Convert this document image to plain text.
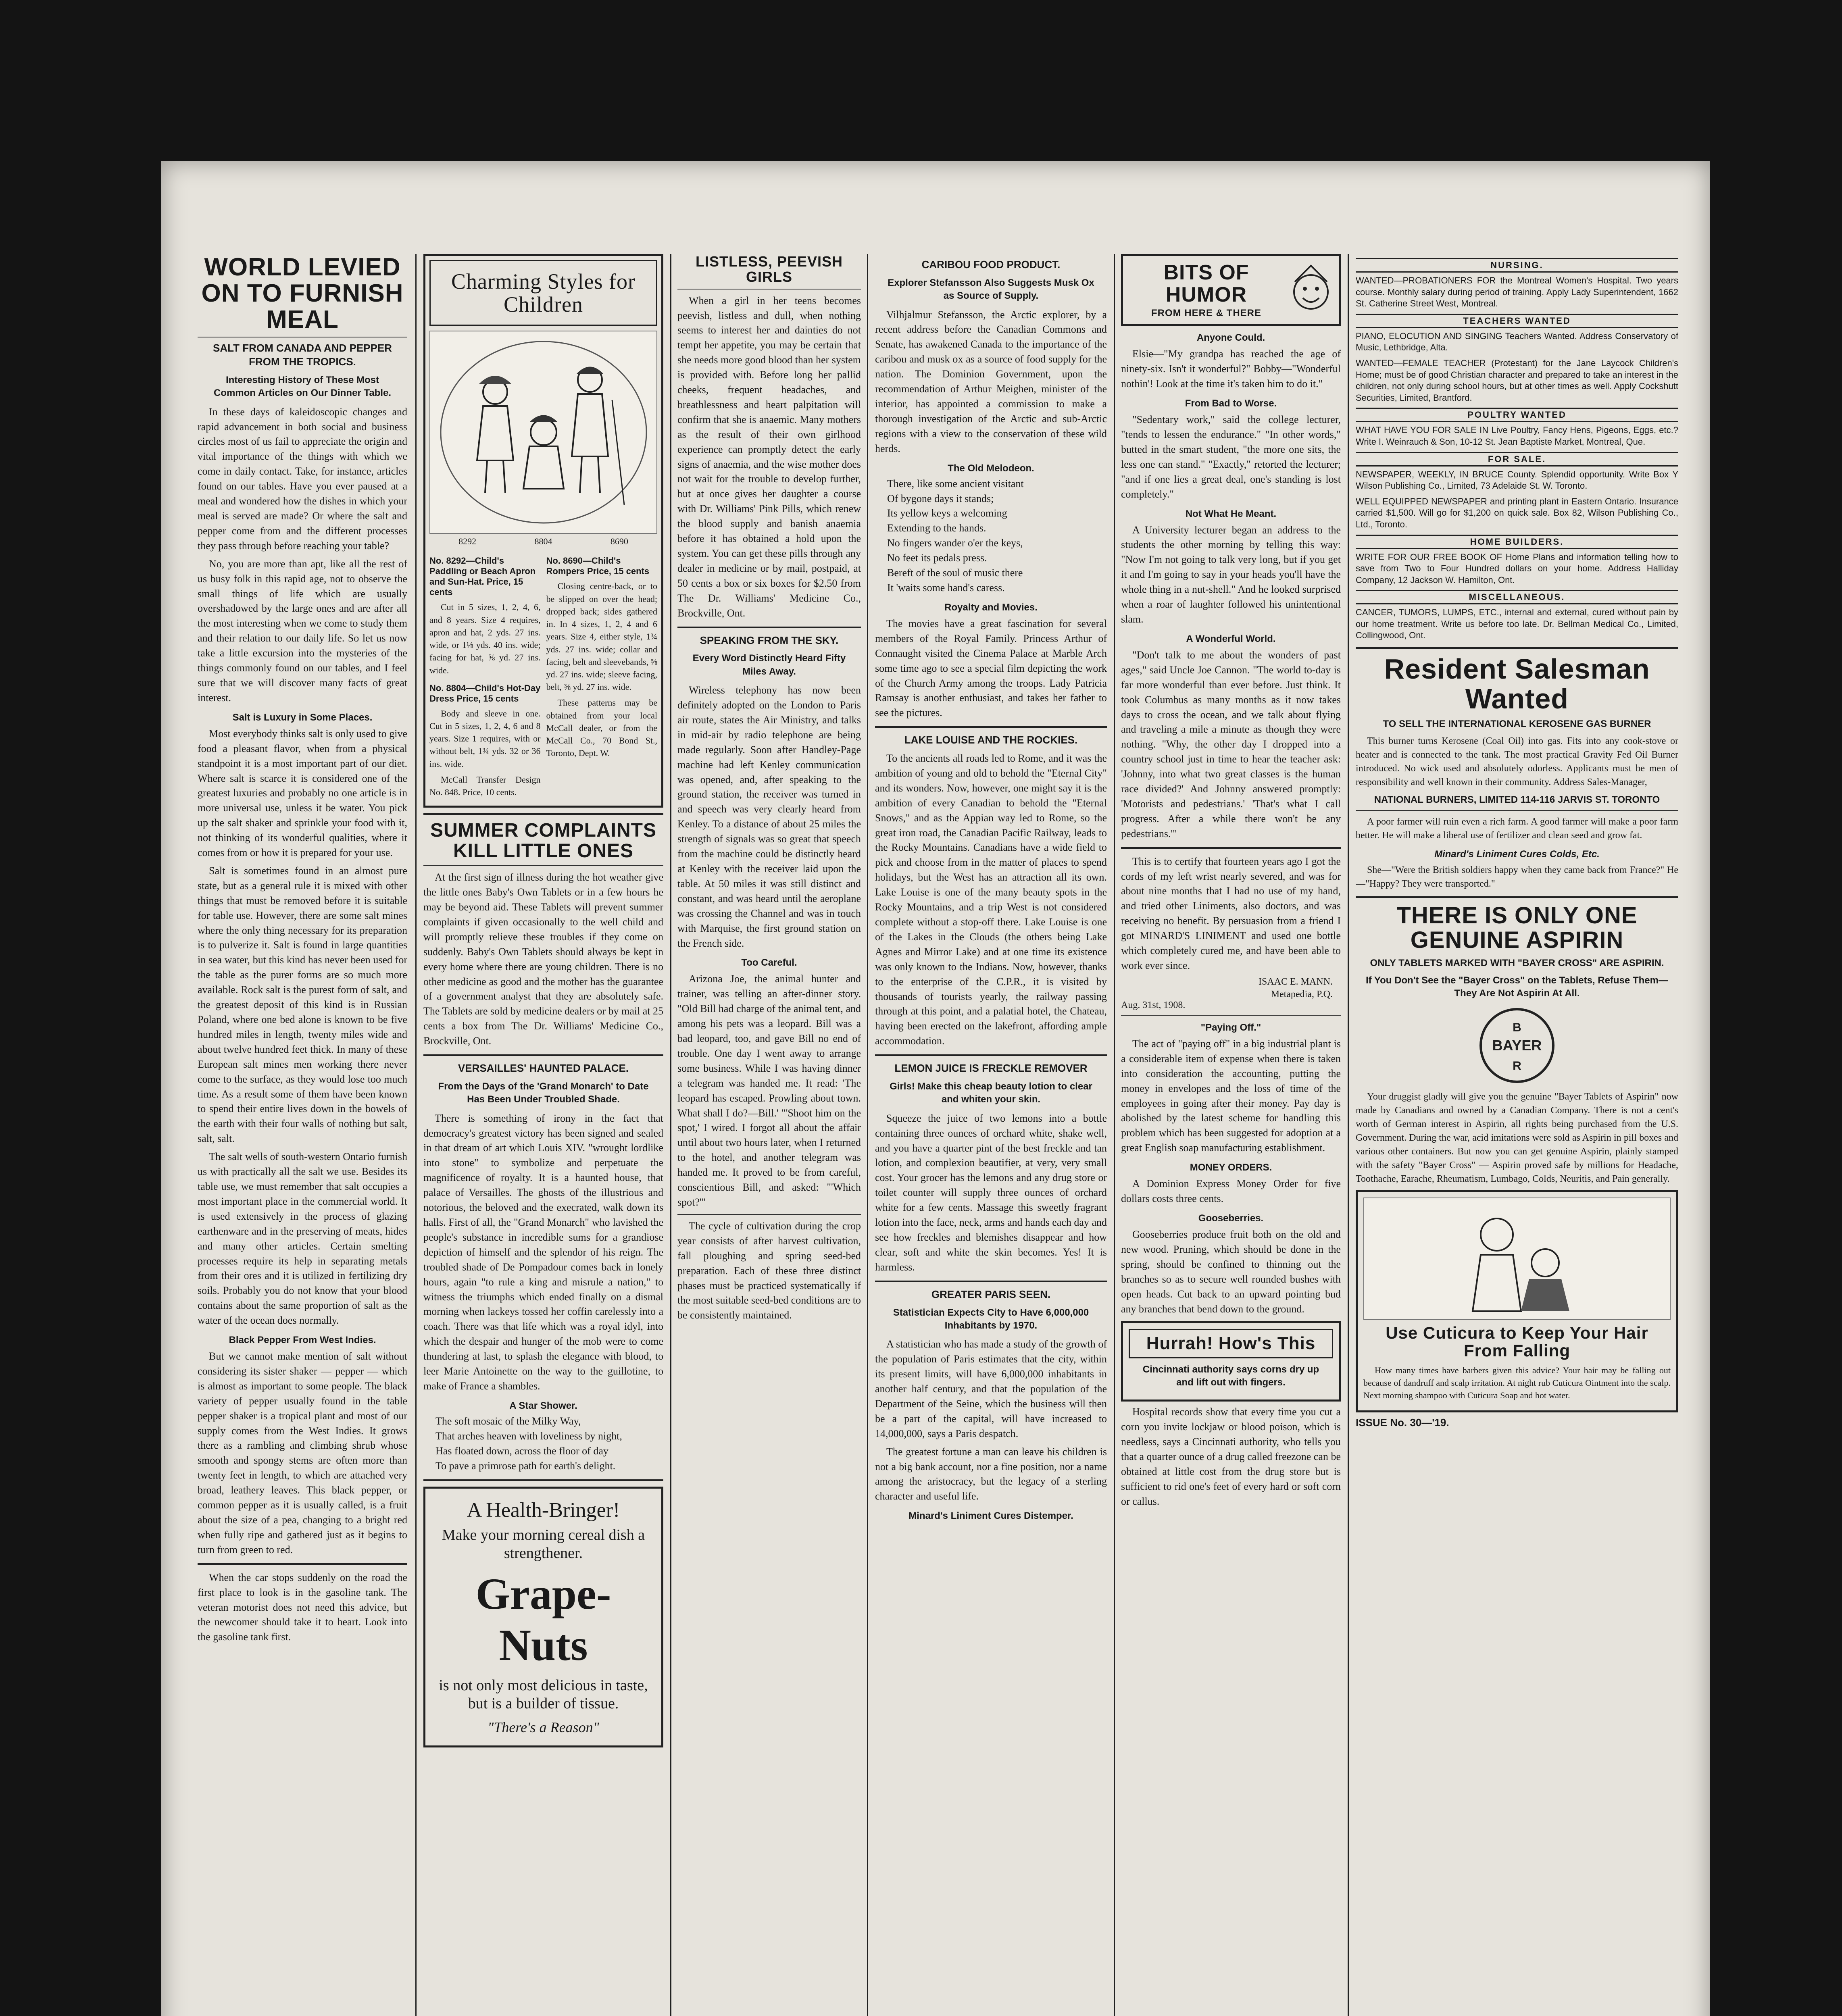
WORLD LEVIED ON TO FURNISH MEAL
SALT FROM CANADA AND PEPPER FROM THE TROPICS.
Interesting History of These Most Common Articles on Our Dinner Table.

In these days of kaleidoscopic changes and rapid advancement in both social and business circles most of us fail to appreciate the origin and vital importance of the things with which we come in daily contact. Take, for instance, articles found on our tables. Have you ever paused at a meal and wondered how the dishes in which your meal is served are made? Or where the salt and pepper come from and the different processes they pass through before reaching your table?

No, you are more than apt, like all the rest of us busy folk in this rapid age, not to observe the small things of life which are usually overshadowed by the large ones and are after all the most interesting when we come to study them and their relation to our daily life. So let us now take a little excursion into the mysteries of the things commonly found on our tables, and I feel sure that we will discover many facts of great interest.

Salt is Luxury in Some Places.

Most everybody thinks salt is only used to give food a pleasant flavor, when from a physical standpoint it is a most important part of our diet. Where salt is scarce it is considered one of the greatest luxuries and probably no one article is in more universal use, unless it be water. You pick up the salt shaker and sprinkle your food with it, not thinking of its wonderful qualities, where it comes from or how it is prepared for your use.

Salt is sometimes found in an almost pure state, but as a general rule it is mixed with other things that must be removed before it is suitable for table use. However, there are some salt mines where the only thing necessary for its preparation is to pulverize it. Salt is found in large quantities in sea water, but this kind has never been used for the table as the purer forms are so much more available. Rock salt is the purest form of salt, and the greatest deposit of this kind is in Russian Poland, where one bed alone is known to be five hundred miles in length, twenty miles wide and about twelve hundred feet thick. In many of these European salt mines men working there never come to the surface, as they would lose too much time. As a result some of them have been known to spend their entire lives down in the bowels of the earth with their four walls of nothing but salt, salt, salt.

The salt wells of south-western Ontario furnish us with practically all the salt we use. Besides its table use, we must remember that salt occupies a most important place in the commercial world. It is used extensively in the process of glazing earthenware and in the preserving of meats, hides and many other articles. Certain smelting processes require its help in separating metals from their ores and it is utilized in fertilizing dry soils. Probably you do not know that your blood contains about the same proportion of salt as the water of the ocean does normally.

Black Pepper From West Indies.

But we cannot make mention of salt without considering its sister shaker — pepper — which is almost as important to some people. The black variety of pepper usually found in the table pepper shaker is a tropical plant and most of our supply comes from the West Indies. It grows there as a rambling and climbing shrub whose smooth and spongy stems are often more than twenty feet in length, to which are attached very broad, leathery leaves. This black pepper, or common pepper as it is usually called, is a fruit about the size of a pea, changing to a bright red when fully ripe and gathered just as it begins to turn from green to red.

When the car stops suddenly on the road the first place to look is in the gasoline tank. The veteran motorist does not need this advice, but the newcomer should take it to heart. Look into the gasoline tank first.

Charming Styles for Children
8292	8804	8690
No. 8292—Child's Paddling or Beach Apron and Sun-Hat. Price, 15 cents

Cut in 5 sizes, 1, 2, 4, 6, and 8 years. Size 4 requires, apron and hat, 2 yds. 27 ins. wide, or 1⅛ yds. 40 ins. wide; facing for hat, ⅝ yd. 27 ins. wide.

No. 8804—Child's Hot-Day Dress Price, 15 cents

Body and sleeve in one. Cut in 5 sizes, 1, 2, 4, 6 and 8 years. Size 1 requires, with or without belt, 1¾ yds. 32 or 36 ins. wide.

McCall Transfer Design No. 848. Price, 10 cents.

No. 8690—Child's Rompers Price, 15 cents

Closing centre-back, or to be slipped on over the head; dropped back; sides gathered in. In 4 sizes, 1, 2, 4 and 6 years. Size 4, either style, 1¾ yds. 27 ins. wide; collar and facing, belt and sleevebands, ⅝ yd. 27 ins. wide; sleeve facing, belt, ⅜ yd. 27 ins. wide.

These patterns may be obtained from your local McCall dealer, or from the McCall Co., 70 Bond St., Toronto, Dept. W.

SUMMER COMPLAINTS KILL LITTLE ONES

At the first sign of illness during the hot weather give the little ones Baby's Own Tablets or in a few hours he may be beyond aid. These Tablets will prevent summer complaints if given occasionally to the well child and will promptly relieve these troubles if they come on suddenly. Baby's Own Tablets should always be kept in every home where there are young children. There is no other medicine as good and the mother has the guarantee of a government analyst that they are absolutely safe. The Tablets are sold by medicine dealers or by mail at 25 cents a box from The Dr. Williams' Medicine Co., Brockville, Ont.

VERSAILLES' HAUNTED PALACE.
From the Days of the 'Grand Monarch' to Date Has Been Under Troubled Shade.

There is something of irony in the fact that democracy's greatest victory has been signed and sealed in that dream of art which Louis XIV. "wrought lordlike into stone" to symbolize and perpetuate the magnificence of royalty. It is a haunted house, that palace of Versailles. The ghosts of the illustrious and notorious, the beloved and the execrated, walk down its halls. First of all, the "Grand Monarch" who lavished the people's substance in incredible sums for a grandiose depiction of himself and the splendor of his reign. The troubled shade of De Pompadour comes back in lonely hours, again "to rule a king and misrule a nation," to witness the triumphs which ended finally on a dismal morning when lackeys tossed her coffin carelessly into a coach. There was that life which was a royal idyl, into which the despair and hunger of the mob were to come thundering at last, to splash the elegance with blood, to leer Marie Antoinette on the way to the guillotine, to make of France a shambles.

A Star Shower.
The soft mosaic of the Milky Way,
That arches heaven with loveliness by night,
Has floated down, across the floor of day
To pave a primrose path for earth's delight.
A Health-Bringer!
Make your morning cereal dish a strengthener.
Grape-Nuts
is not only most delicious in taste, but is a builder of tissue.
"There's a Reason"
LISTLESS, PEEVISH GIRLS

When a girl in her teens becomes peevish, listless and dull, when nothing seems to interest her and dainties do not tempt her appetite, you may be certain that she needs more good blood than her system is provided with. Before long her pallid cheeks, frequent headaches, and breathlessness and heart palpitation will confirm that she is anaemic. Many mothers as the result of their own girlhood experience can promptly detect the early signs of anaemia, and the wise mother does not wait for the trouble to develop further, but at once gives her daughter a course with Dr. Williams' Pink Pills, which renew the blood supply and banish anaemia before it has obtained a hold upon the system. You can get these pills through any dealer in medicine or by mail, postpaid, at 50 cents a box or six boxes for $2.50 from The Dr. Williams' Medicine Co., Brockville, Ont.

SPEAKING FROM THE SKY.
Every Word Distinctly Heard Fifty Miles Away.

Wireless telephony has now been definitely adopted on the London to Paris air route, states the Air Ministry, and talks in mid-air by radio telephone are being made regularly. Soon after Handley-Page machine had left Kenley communication was opened, and, after speaking to the ground station, the receiver was turned in and speech was very clearly heard from Kenley. To a distance of about 25 miles the strength of signals was so great that speech from the machine could be distinctly heard at Kenley with the receiver laid upon the table. At 50 miles it was still distinct and constant, and was heard until the aeroplane was crossing the Channel and was in touch with Marquise, the first ground station on the French side.

Too Careful.

Arizona Joe, the animal hunter and trainer, was telling an after-dinner story. "Old Bill had charge of the animal tent, and among his pets was a leopard. Bill was a bad leopard, too, and gave Bill no end of trouble. One day I went away to arrange some business. While I was having dinner a telegram was handed me. It read: 'The leopard has escaped. Prowling about town. What shall I do?—Bill.' "'Shoot him on the spot,' I wired. I forgot all about the affair until about two hours later, when I returned to the hotel, and another telegram was handed me. It proved to be from careful, conscientious Bill, and asked: "'Which spot?'"

The cycle of cultivation during the crop year consists of after harvest cultivation, fall ploughing and spring seed-bed preparation. Each of these three distinct phases must be practiced systematically if the most suitable seed-bed conditions are to be consistently maintained.

CARIBOU FOOD PRODUCT.
Explorer Stefansson Also Suggests Musk Ox as Source of Supply.

Vilhjalmur Stefansson, the Arctic explorer, by a recent address before the Canadian Commons and Senate, has awakened Canada to the importance of the caribou and musk ox as a source of food supply for the nation. The Dominion Government, upon the recommendation of Arthur Meighen, minister of the interior, has appointed a commission to make a thorough investigation of the Arctic and sub-Arctic regions with a view to the conservation of these wild herds.

The Old Melodeon.
There, like some ancient visitant
Of bygone days it stands;
Its yellow keys a welcoming
Extending to the hands.
No fingers wander o'er the keys,
No feet its pedals press.
Bereft of the soul of music there
It 'waits some hand's caress.
Royalty and Movies.

The movies have a great fascination for several members of the Royal Family. Princess Arthur of Connaught visited the Cinema Palace at Marble Arch some time ago to see a special film depicting the work of the Church Army among the troops. Lady Patricia Ramsay is another enthusiast, and takes her father to see the pictures.

LAKE LOUISE AND THE ROCKIES.

To the ancients all roads led to Rome, and it was the ambition of young and old to behold the "Eternal City" and its wonders. Now, however, one might say it is the ambition of every Canadian to behold the "Eternal Snows," and as the Appian way led to Rome, so the great iron road, the Canadian Pacific Railway, leads to the Rocky Mountains. Canadians have a wide field to pick and choose from in the matter of places to spend holidays, but the West has an attraction all its own. Lake Louise is one of the many beauty spots in the Rocky Mountains, and a trip West is not considered complete without a stop-off there. Lake Louise is one of the Lakes in the Clouds (the others being Lake Agnes and Mirror Lake) and at one time its existence was only known to the Indians. Now, however, thanks to the enterprise of the C.P.R., it is visited by thousands of tourists yearly, the railway passing through at this point, and a palatial hotel, the Chateau, having been erected on the lakefront, affording ample accommodation.

LEMON JUICE IS FRECKLE REMOVER
Girls! Make this cheap beauty lotion to clear and whiten your skin.

Squeeze the juice of two lemons into a bottle containing three ounces of orchard white, shake well, and you have a quarter pint of the best freckle and tan lotion, and complexion beautifier, at very, very small cost. Your grocer has the lemons and any drug store or toilet counter will supply three ounces of orchard white for a few cents. Massage this sweetly fragrant lotion into the face, neck, arms and hands each day and see how freckles and blemishes disappear and how clear, soft and white the skin becomes. Yes! It is harmless.

GREATER PARIS SEEN.
Statistician Expects City to Have 6,000,000 Inhabitants by 1970.

A statistician who has made a study of the growth of the population of Paris estimates that the city, within its present limits, will have 6,000,000 inhabitants in another half century, and that the population of the Department of the Seine, which the business will then be a part of the capital, will have increased to 14,000,000, says a Paris despatch.

The greatest fortune a man can leave his children is not a big bank account, nor a fine position, nor a name among the aristocracy, but the legacy of a sterling character and useful life.

Minard's Liniment Cures Distemper.
BITS OF HUMOR
FROM HERE & THERE
Anyone Could.

Elsie—"My grandpa has reached the age of ninety-six. Isn't it wonderful?" Bobby—"Wonderful nothin'! Look at the time it's taken him to do it."

From Bad to Worse.

"Sedentary work," said the college lecturer, "tends to lessen the endurance." "In other words," butted in the smart student, "the more one sits, the less one can stand." "Exactly," retorted the lecturer; "and if one lies a great deal, one's standing is lost completely."

Not What He Meant.

A University lecturer began an address to the students the other morning by telling this way: "Now I'm not going to talk very long, but if you get it and I'm going to say in your heads you'll have the whole thing in a nut-shell." And he looked surprised when a roar of laughter followed his unintentional slam.

A Wonderful World.

"Don't talk to me about the wonders of past ages," said Uncle Joe Cannon. "The world to-day is far more wonderful than ever before. Just think. It took Columbus as many months as it now takes days to cross the ocean, and we talk about flying and traveling a mile a minute as though they were nothing. "Why, the other day I dropped into a country school just in time to hear the teacher ask: 'Johnny, into what two great classes is the human race divided?' And Johnny answered promptly: 'Motorists and pedestrians.' 'That's what I call progress. After a while there won't be any pedestrians.'"

This is to certify that fourteen years ago I got the cords of my left wrist nearly severed, and was for about nine months that I had no use of my hand, and tried other Liniments, also doctors, and was receiving no benefit. By persuasion from a friend I got MINARD'S LINIMENT and used one bottle which completely cured me, and have been able to work ever since.

ISAAC E. MANN.
Metapedia, P.Q.
Aug. 31st, 1908.
"Paying Off."

The act of "paying off" in a big industrial plant is a considerable item of expense when there is taken into consideration the accounting, putting the money in envelopes and the loss of time of the employees in going after their money. Pay day is abolished by the latest scheme for handling this problem which has been suggested for adoption at a great English soap manufacturing establishment.

MONEY ORDERS.

A Dominion Express Money Order for five dollars costs three cents.

Gooseberries.

Gooseberries produce fruit both on the old and new wood. Pruning, which should be done in the spring, should be confined to thinning out the branches so as to secure well rounded bushes with open heads. Cut back to an upward pointing bud any branches that bend down to the ground.

Hurrah! How's This
Cincinnati authority says corns dry up and lift out with fingers.

Hospital records show that every time you cut a corn you invite lockjaw or blood poison, which is needless, says a Cincinnati authority, who tells you that a quarter ounce of a drug called freezone can be obtained at little cost from the drug store but is sufficient to rid one's feet of every hard or soft corn or callus.

NURSING.

WANTED—PROBATIONERS FOR the Montreal Women's Hospital. Two years course. Monthly salary during period of training. Apply Lady Superintendent, 1662 St. Catherine Street West, Montreal.

TEACHERS WANTED

PIANO, ELOCUTION AND SINGING Teachers Wanted. Address Conservatory of Music, Lethbridge, Alta.

WANTED—FEMALE TEACHER (Protestant) for the Jane Laycock Children's Home; must be of good Christian character and prepared to take an interest in the children, not only during school hours, but at other times as well. Apply Cockshutt Securities, Limited, Brantford.

POULTRY WANTED

WHAT HAVE YOU FOR SALE IN Live Poultry, Fancy Hens, Pigeons, Eggs, etc.? Write I. Weinrauch & Son, 10-12 St. Jean Baptiste Market, Montreal, Que.

FOR SALE.

NEWSPAPER, WEEKLY, IN BRUCE County. Splendid opportunity. Write Box Y Wilson Publishing Co., Limited, 73 Adelaide St. W. Toronto.

WELL EQUIPPED NEWSPAPER and printing plant in Eastern Ontario. Insurance carried $1,500. Will go for $1,200 on quick sale. Box 82, Wilson Publishing Co., Ltd., Toronto.

HOME BUILDERS.

WRITE FOR OUR FREE BOOK OF Home Plans and information telling how to save from Two to Four Hundred dollars on your home. Address Halliday Company, 12 Jackson W. Hamilton, Ont.

MISCELLANEOUS.

CANCER, TUMORS, LUMPS, ETC., internal and external, cured without pain by our home treatment. Write us before too late. Dr. Bellman Medical Co., Limited, Collingwood, Ont.

Resident Salesman Wanted
TO SELL THE INTERNATIONAL KEROSENE GAS BURNER

This burner turns Kerosene (Coal Oil) into gas. Fits into any cook-stove or heater and is connected to the tank. The most practical Gravity Fed Oil Burner introduced. No wick used and absolutely odorless. Applicants must be men of responsibility and well known in their community. Address Sales-Manager,

NATIONAL BURNERS, LIMITED 114-116 JARVIS ST. TORONTO

A poor farmer will ruin even a rich farm. A good farmer will make a poor farm better. He will make a liberal use of fertilizer and clean seed and grow fat.

Minard's Liniment Cures Colds, Etc.

She—"Were the British soldiers happy when they came back from France?" He—"Happy? They were transported."

THERE IS ONLY ONE GENUINE ASPIRIN
ONLY TABLETS MARKED WITH "BAYER CROSS" ARE ASPIRIN.
If You Don't See the "Bayer Cross" on the Tablets, Refuse Them—They Are Not Aspirin At All.
B
BAYER
R

Your druggist gladly will give you the genuine "Bayer Tablets of Aspirin" now made by Canadians and owned by a Canadian Company. There is not a cent's worth of German interest in Aspirin, all rights being purchased from the U.S. Government. During the war, acid imitations were sold as Aspirin in pill boxes and various other containers. But now you can get genuine Aspirin, plainly stamped with the safety "Bayer Cross" — Aspirin proved safe by millions for Headache, Toothache, Earache, Rheumatism, Lumbago, Colds, Neuritis, and Pain generally.

Use Cuticura to Keep Your Hair From Falling

How many times have barbers given this advice? Your hair may be falling out because of dandruff and scalp irritation. At night rub Cuticura Ointment into the scalp. Next morning shampoo with Cuticura Soap and hot water.

ISSUE No. 30—'19.
